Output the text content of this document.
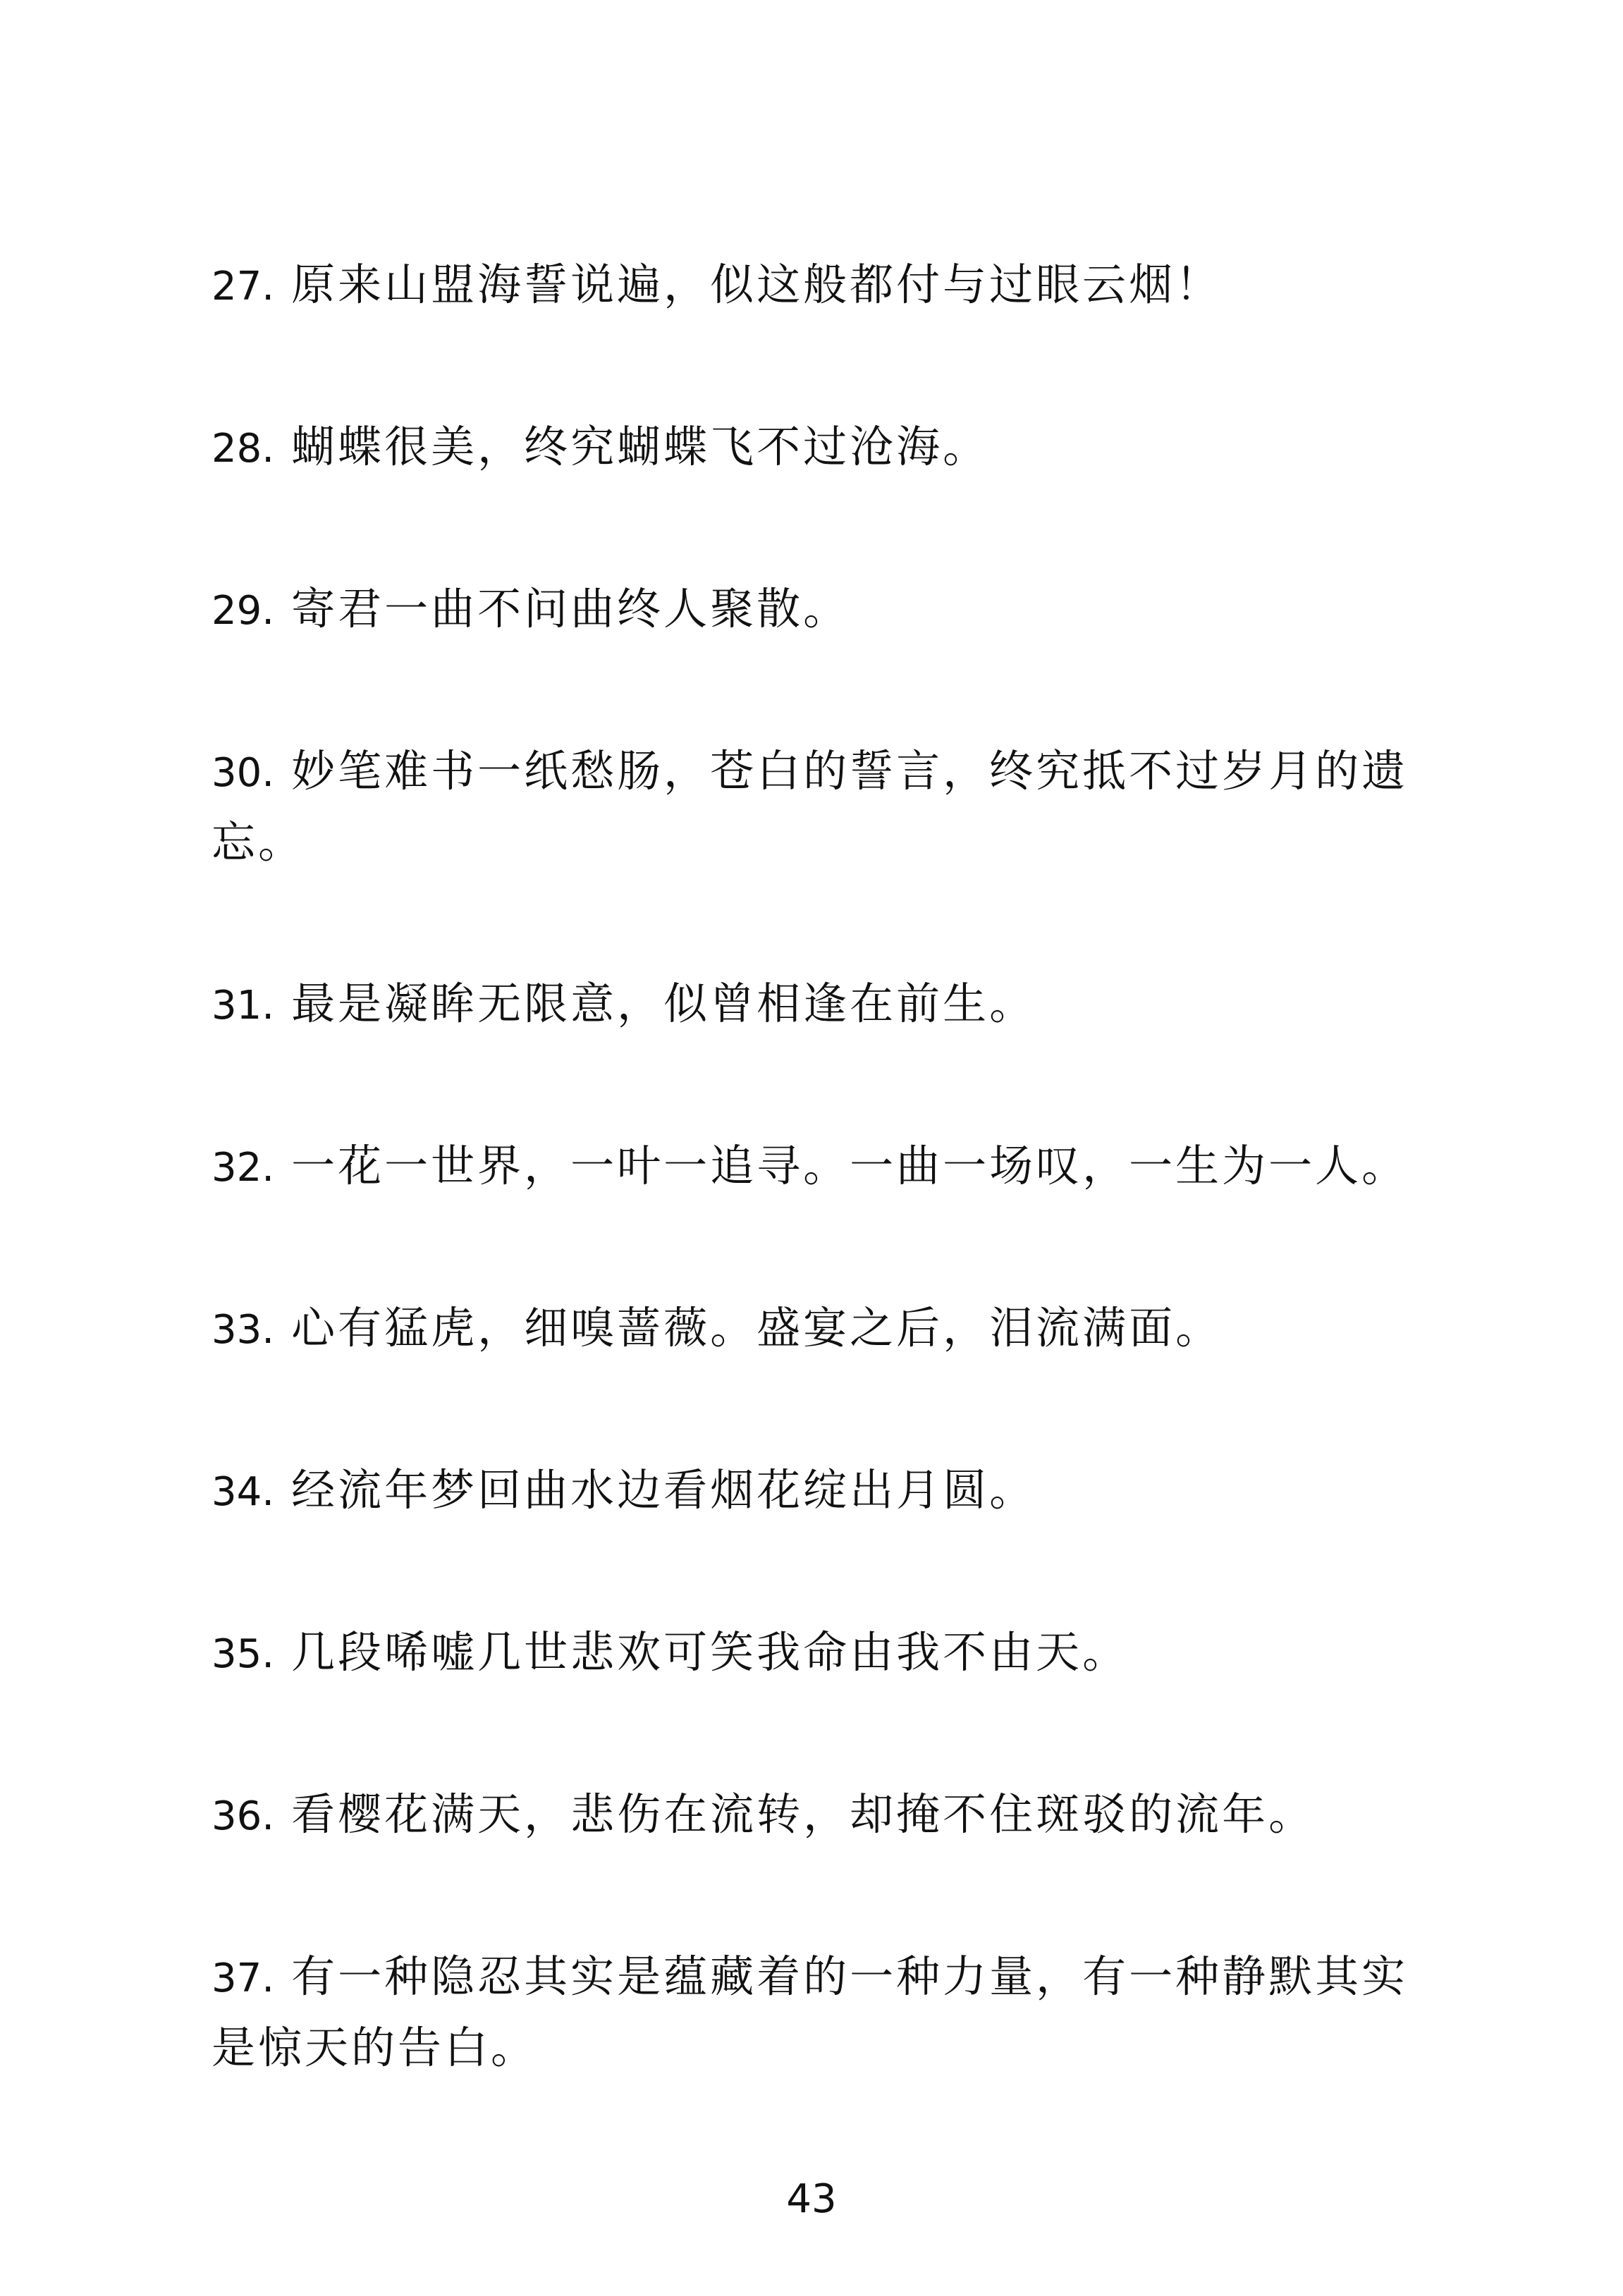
27. 原来山盟海誓说遍，似这般都付与过眼云烟！

28. 蝴蝶很美，终究蝴蝶飞不过沧海。

29. 寄君一曲不问曲终人聚散。

30. 妙笔难书一纸愁肠，苍白的誓言，终究抵不过岁月的遗忘。

31. 最是凝眸无限意，似曾相逢在前生。

32. 一花一世界，一叶一追寻。一曲一场叹，一生为一人。

33. 心有猛虎，细嗅蔷薇。盛宴之后，泪流满面。

34. 经流年梦回曲水边看烟花绽出月圆。

35. 几段唏嘘几世悲欢可笑我命由我不由天。

36. 看樱花满天，悲伤在流转，却掩不住斑驳的流年。

37. 有一种隐忍其实是蕴藏着的一种力量，有一种静默其实是惊天的告白。

43
